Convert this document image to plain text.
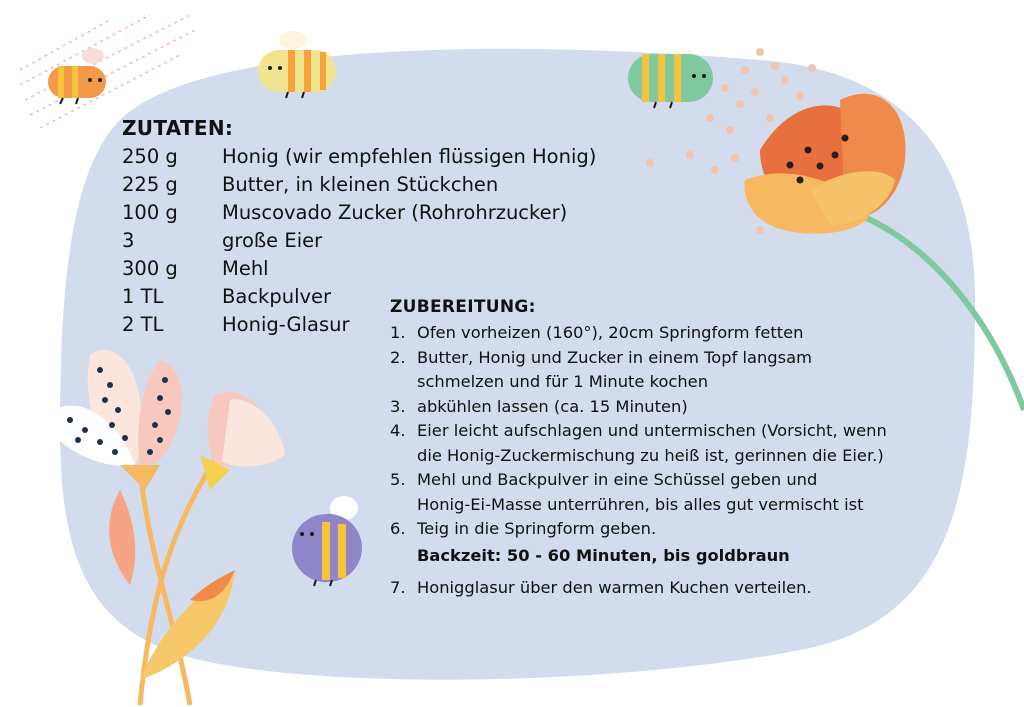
ZUTATEN:
250 g Honig (wir empfehlen flüssigen Honig)
225 g Butter, in kleinen Stückchen
100 g Muscovado Zucker (Rohrohrzucker)
3	große Eier
300 g Mehl
1 TL	Backpulver
2 TL	Honig-Glasur
ZUBEREITUNG:
1. Ofen vorheizen (160°), 20cm Springform fetten
2. Butter, Honig und Zucker in einem Topf langsam
schmelzen und für 1 Minute kochen
3. abkühlen lassen (ca. 15 Minuten)
4. Eier leicht aufschlagen und untermischen (Vorsicht, wenn
die Honig-Zuckermischung zu heiß ist, gerinnen die Eier.)
5. Mehl und Backpulver in eine Schüssel geben und
Honig-Ei-Masse unterrühren, bis alles gut vermischt ist
6. Teig in die Springform geben.
Backzeit: 50 - 60 Minuten, bis goldbraun
7. Honigglasur über den warmen Kuchen verteilen.
